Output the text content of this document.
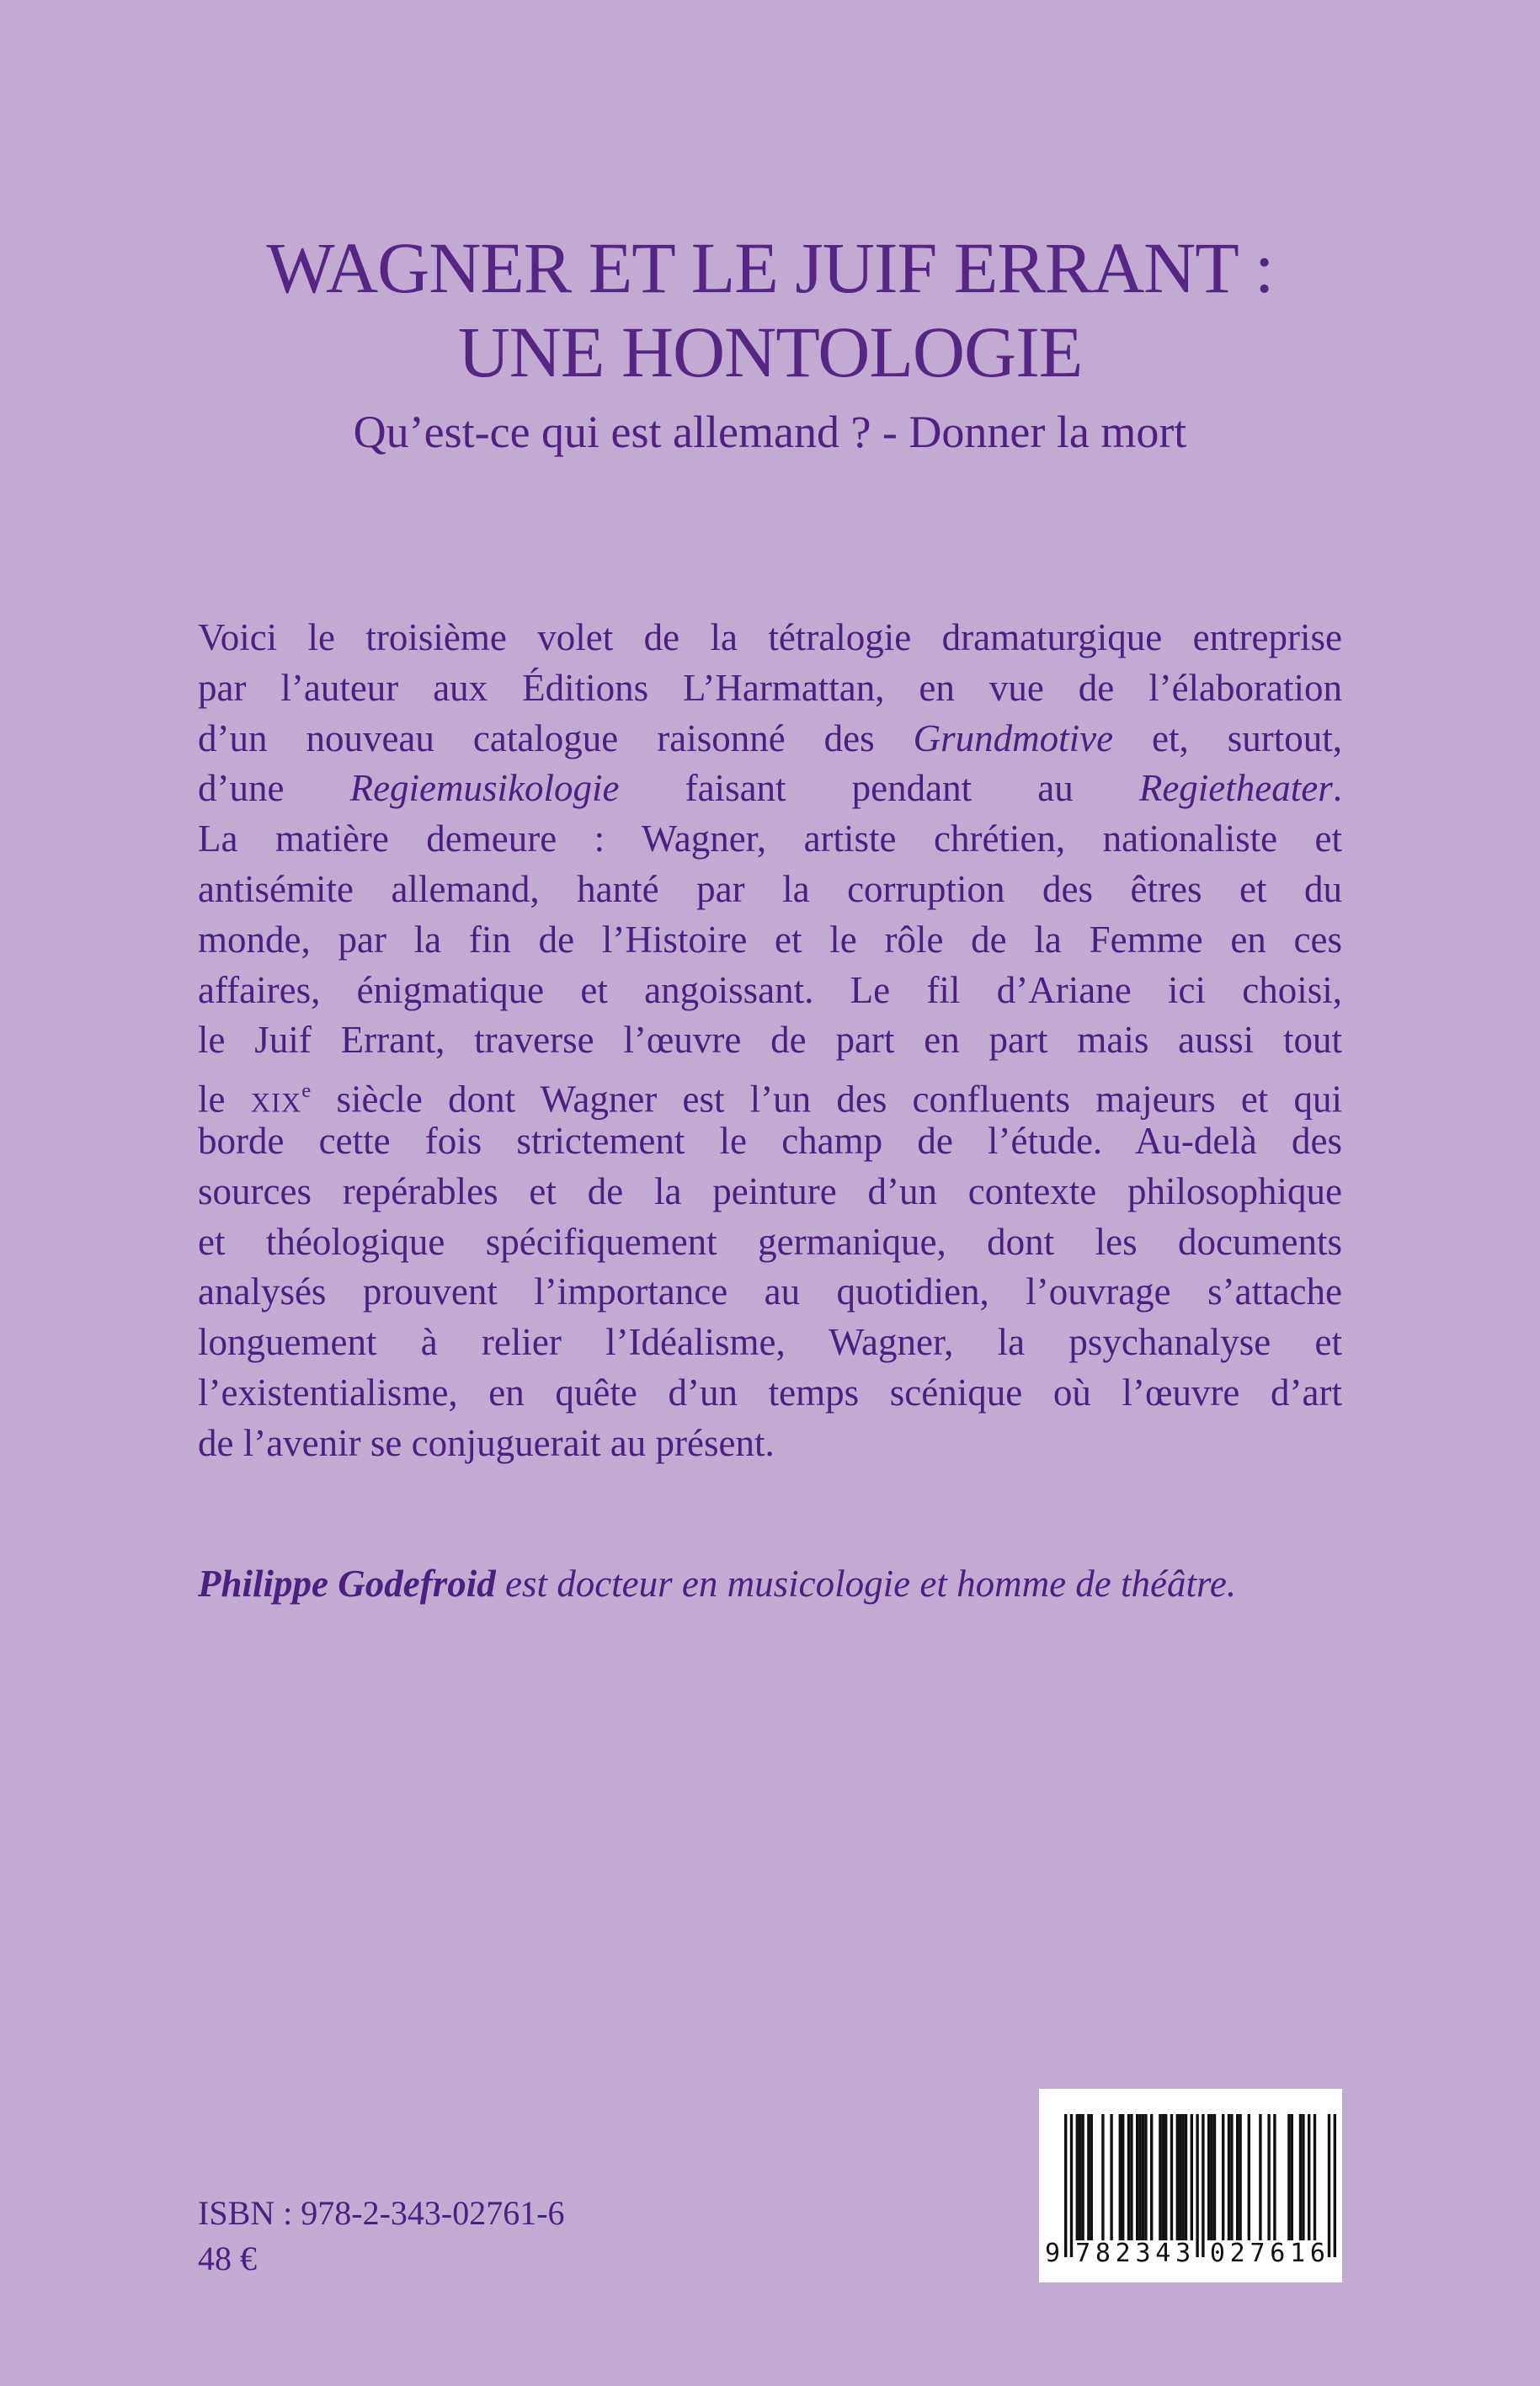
WAGNER ET LE JUIF ERRANT :
UNE HONTOLOGIE
Qu’est-ce qui est allemand ? - Donner la mort
Voici le troisième volet de la tétralogie dramaturgique entreprise
par l’auteur aux Éditions L’Harmattan, en vue de l’élaboration
d’un nouveau catalogue raisonné des Grundmotive et, surtout,
d’une Regiemusikologie faisant pendant au Regietheater.
La matière demeure : Wagner, artiste chrétien, nationaliste et
antisémite allemand, hanté par la corruption des êtres et du
monde, par la fin de l’Histoire et le rôle de la Femme en ces
affaires, énigmatique et angoissant. Le fil d’Ariane ici choisi,
le Juif Errant, traverse l’œuvre de part en part mais aussi tout
le XIXe siècle dont Wagner est l’un des confluents majeurs et qui
borde cette fois strictement le champ de l’étude. Au-delà des
sources repérables et de la peinture d’un contexte philosophique
et théologique spécifiquement germanique, dont les documents
analysés prouvent l’importance au quotidien, l’ouvrage s’attache
longuement à relier l’Idéalisme, Wagner, la psychanalyse et
l’existentialisme, en quête d’un temps scénique où l’œuvre d’art
de l’avenir se conjuguerait au présent.
Philippe Godefroid est docteur en musicologie et homme de théâtre.
ISBN : 978-2-343-02761-6
48 €	9 7 8 2 3 4 3 0 2 7 6 1 6
